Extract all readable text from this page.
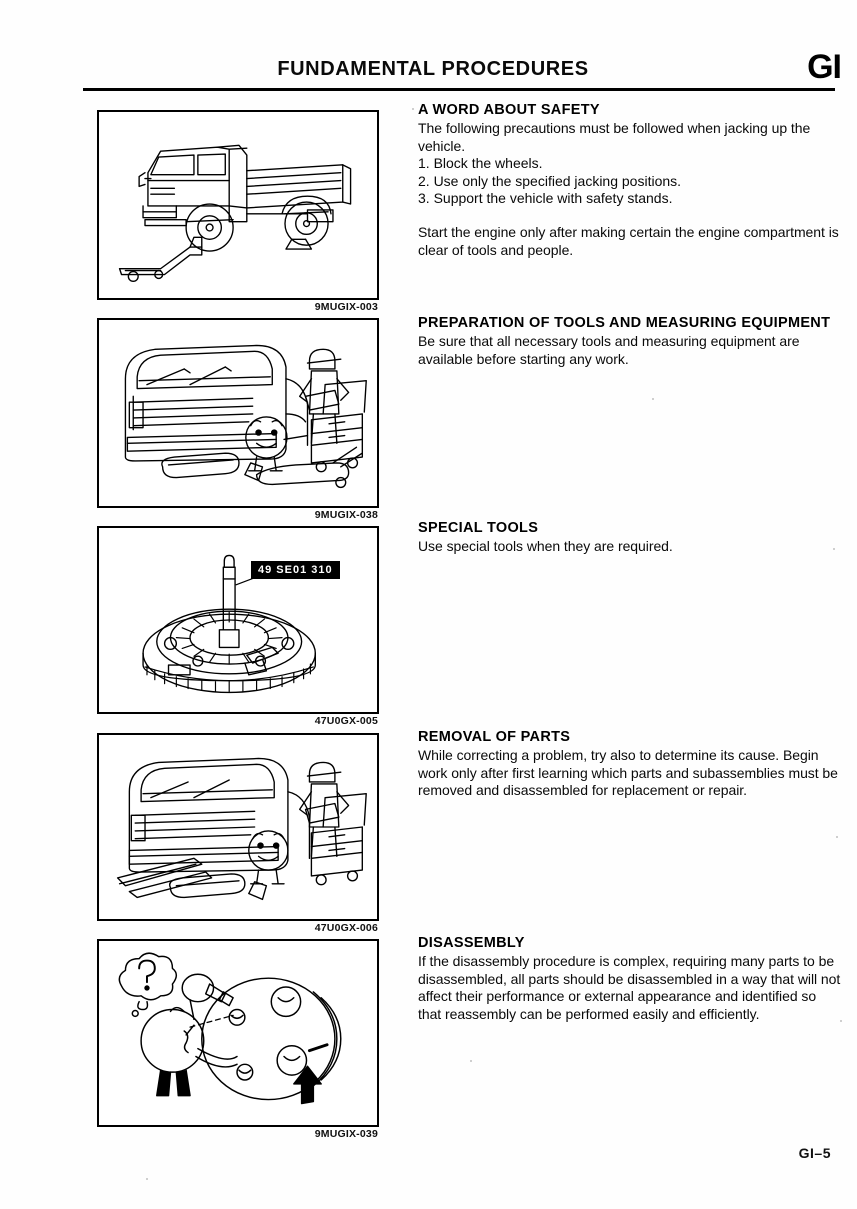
FUNDAMENTAL PROCEDURES	GI
9MUGIX-003
9MUGIX-038
49 SE01 310
47U0GX-005
47U0GX-006
9MUGIX-039
A WORD ABOUT SAFETY

The following precautions must be followed when jacking up the vehicle.

1. Block the wheels.
2. Use only the specified jacking positions.
3. Support the vehicle with safety stands.

Start the engine only after making certain the engine compartment is clear of tools and people.

PREPARATION OF TOOLS AND MEASURING EQUIPMENT

Be sure that all necessary tools and measuring equipment are available before starting any work.

SPECIAL TOOLS

Use special tools when they are required.

REMOVAL OF PARTS

While correcting a problem, try also to determine its cause. Begin work only after first learning which parts and subassemblies must be removed and disassembled for replacement or repair.

DISASSEMBLY

If the disassembly procedure is complex, requiring many parts to be disassembled, all parts should be disassembled in a way that will not affect their performance or external appearance and identified so that reassembly can be performed easily and efficiently.

GI–5
